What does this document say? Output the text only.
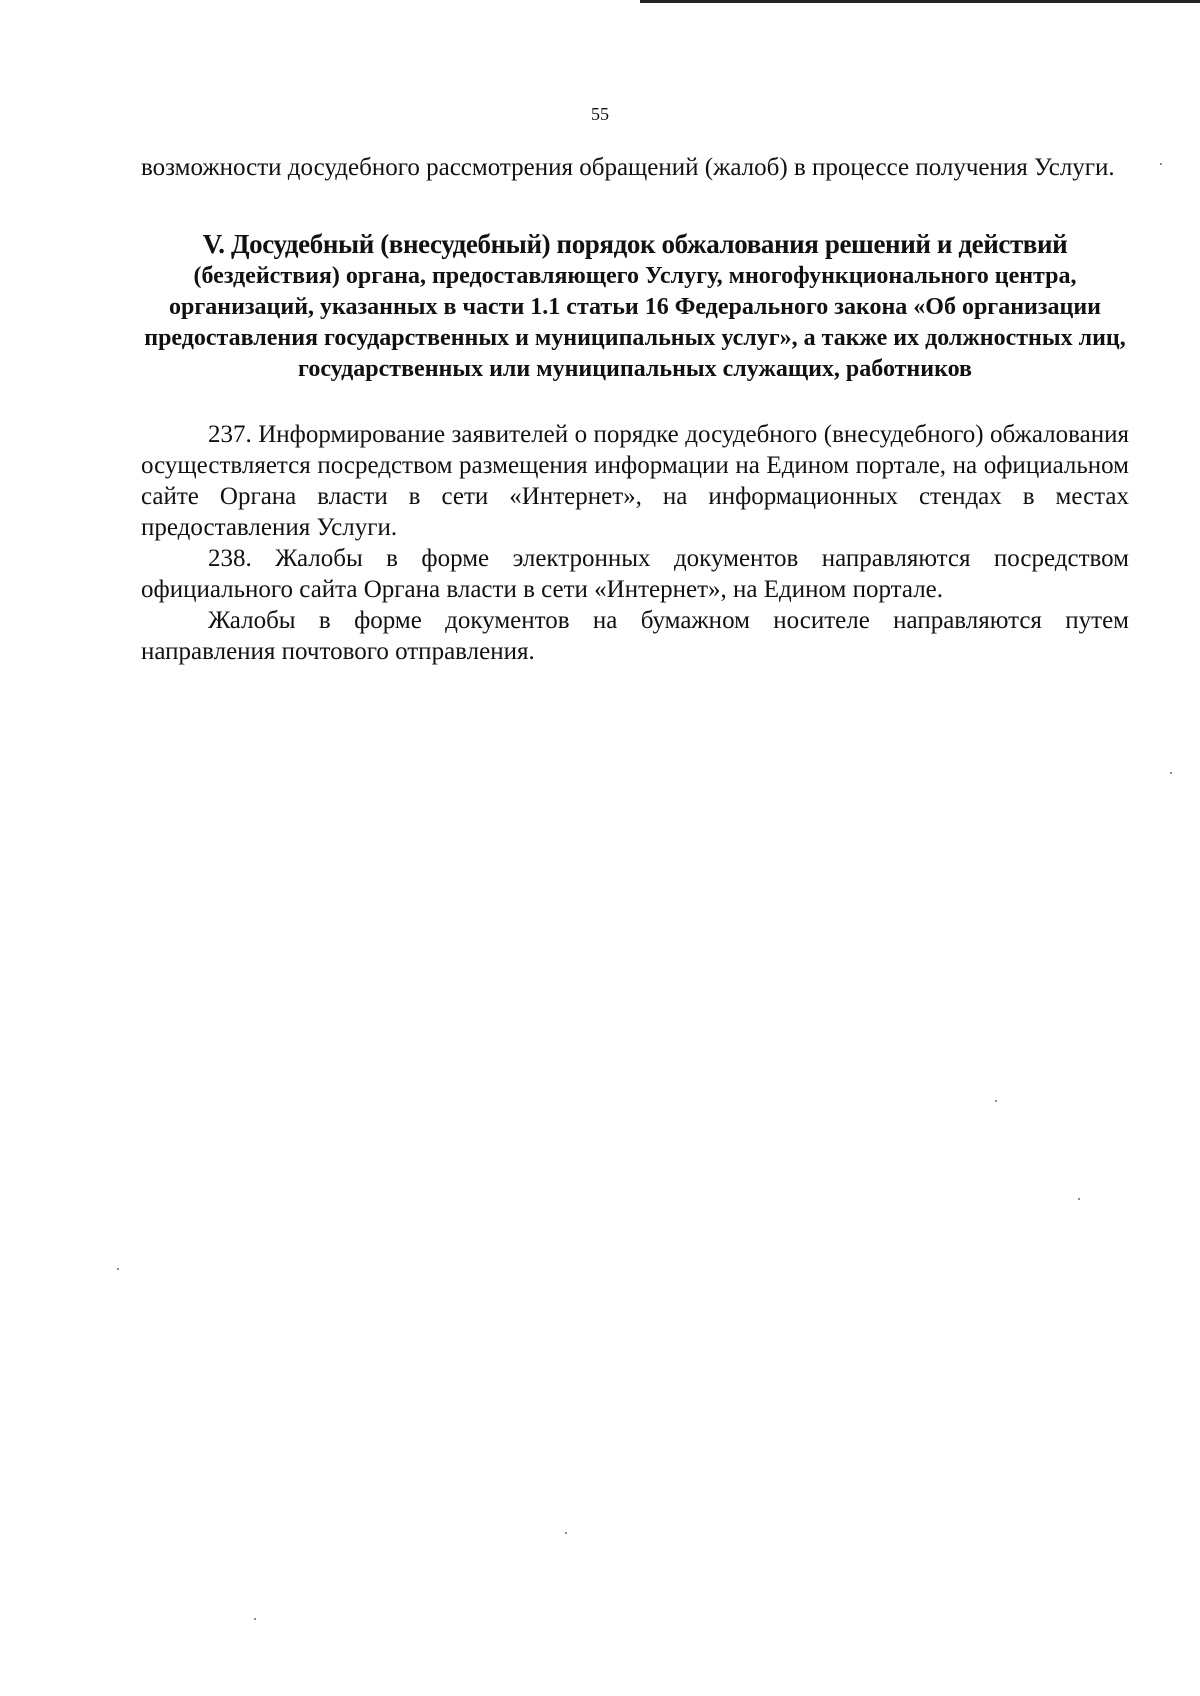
55

возможности досудебного рассмотрения обращений (жалоб) в процессе получения Услуги.

V. Досудебный (внесудебный) порядок обжалования решений и действий

(бездействия) органа, предоставляющего Услугу, многофункционального центра, организаций, указанных в части 1.1 статьи 16 Федерального закона «Об организации предоставления государственных и муниципальных услуг», а также их должностных лиц, государственных или муниципальных служащих, работников

237. Информирование заявителей о порядке досудебного (внесудебного) обжалования осуществляется посредством размещения информации на Едином портале, на официальном сайте Органа власти в сети «Интернет», на информационных стендах в местах предоставления Услуги.

238. Жалобы в форме электронных документов направляются посредством официального сайта Органа власти в сети «Интернет», на Едином портале.

Жалобы в форме документов на бумажном носителе направляются путем направления почтового отправления.
